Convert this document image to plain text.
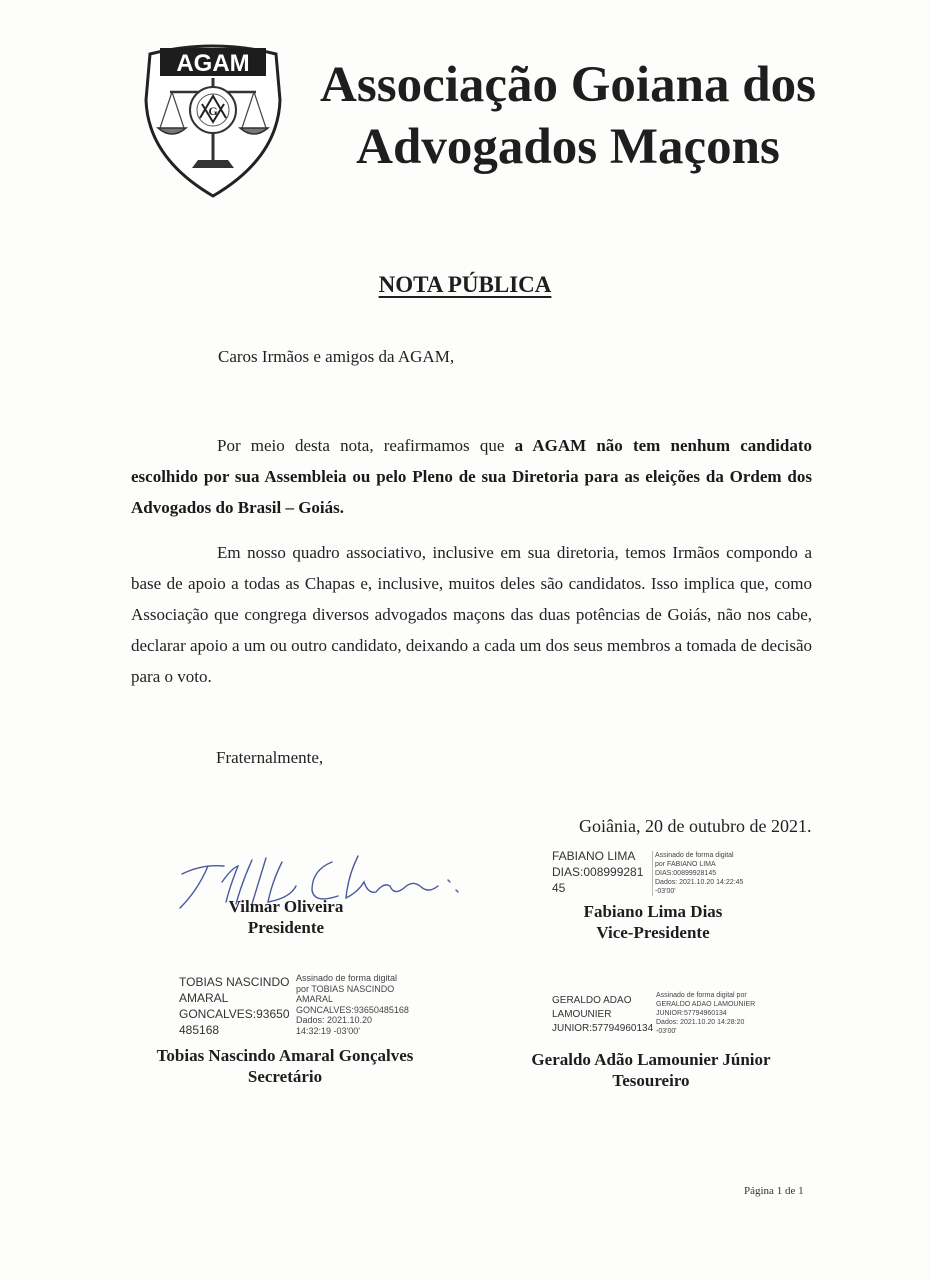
AGAM
G	Associação Goiana dos
Advogados Maçons
NOTA PÚBLICA
Caros Irmãos e amigos da AGAM,
Por meio desta nota, reafirmamos que a AGAM não tem nenhum candidato escolhido por sua Assembleia ou pelo Pleno de sua Diretoria para as eleições da Ordem dos Advogados do Brasil – Goiás.
Em nosso quadro associativo, inclusive em sua diretoria, temos Irmãos compondo a base de apoio a todas as Chapas e, inclusive, muitos deles são candidatos. Isso implica que, como Associação que congrega diversos advogados maçons das duas potências de Goiás, não nos cabe, declarar apoio a um ou outro candidato, deixando a cada um dos seus membros a tomada de decisão para o voto.
Fraternalmente,
Goiânia, 20 de outubro de 2021.
Vilmar Oliveira
Presidente
FABIANO LIMA
DIAS:008999281
45
Assinado de forma digital
por FABIANO LIMA
DIAS:00899928145
Dados: 2021.10.20 14:22:45
-03'00'
Fabiano Lima Dias
Vice-Presidente
TOBIAS NASCINDO
AMARAL
GONCALVES:93650
485168
Assinado de forma digital
por TOBIAS NASCINDO
AMARAL
GONCALVES:93650485168
Dados: 2021.10.20
14:32:19 -03'00'
Tobias Nascindo Amaral Gonçalves
Secretário
GERALDO ADAO
LAMOUNIER
JUNIOR:57794960134
Assinado de forma digital por
GERALDO ADAO LAMOUNIER
JUNIOR:57794960134
Dados: 2021.10.20 14:28:20
-03'00'
Geraldo Adão Lamounier Júnior
Tesoureiro
Página 1 de 1
